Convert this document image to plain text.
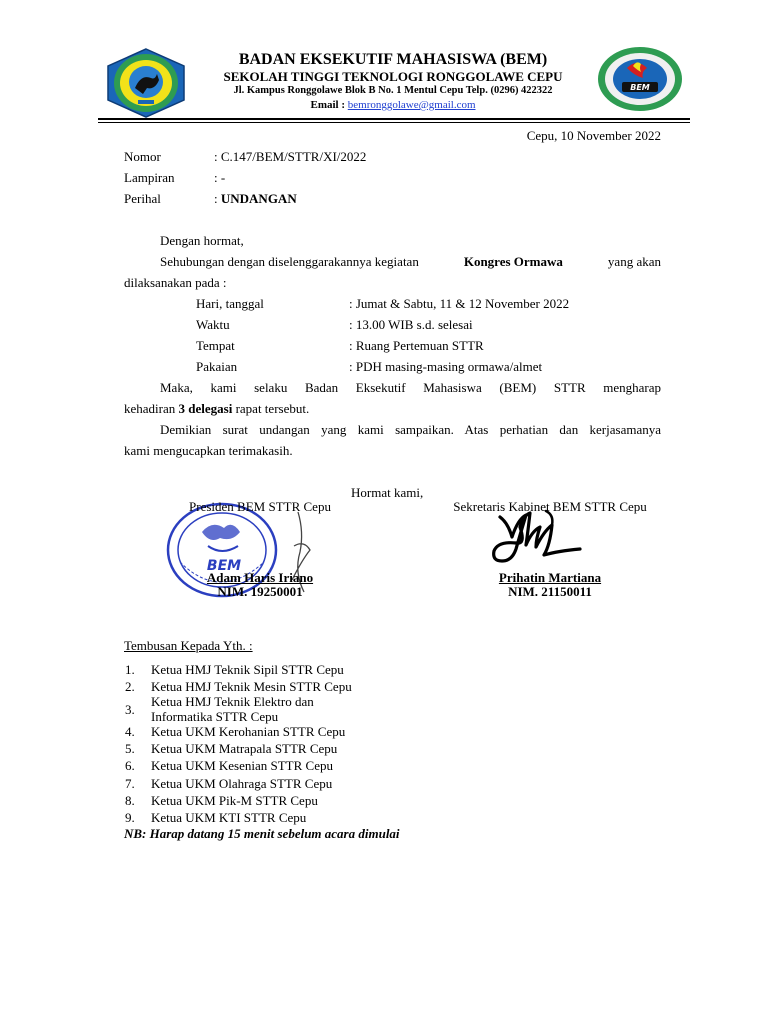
BEM
BADAN EKSEKUTIF MAHASISWA (BEM)
SEKOLAH TINGGI TEKNOLOGI RONGGOLAWE CEPU
Jl. Kampus Ronggolawe Blok B No. 1 Mentul Cepu Telp. (0296) 422322
Email : bemronggolawe@gmail.com
Cepu, 10 November 2022
Nomor	: C.147/BEM/STTR/XI/2022
Lampiran	: -
Perihal	: UNDANGAN
Dengan hormat,
Sehubungan dengan diselenggarakannya kegiatan	Kongres Ormawa	yang akan
dilaksanakan pada :
Hari, tanggal	: Jumat & Sabtu, 11 & 12 November 2022
Waktu	: 13.00 WIB s.d. selesai
Tempat	: Ruang Pertemuan STTR
Pakaian	: PDH masing-masing ormawa/almet
Maka, kami selaku Badan Eksekutif Mahasiswa (BEM) STTR mengharap
kehadiran 3 delegasi rapat tersebut.
Demikian surat undangan yang kami sampaikan. Atas perhatian dan kerjasamanya
kami mengucapkan terimakasih.
Hormat kami,
BEM
Presiden BEM STTR Cepu
Adam Haris Iriano
NIM. 19250001
Sekretaris Kabinet BEM STTR Cepu
Prihatin Martiana
NIM. 21150011
Tembusan Kepada Yth. :
1.	Ketua HMJ Teknik Sipil STTR Cepu
2.	Ketua HMJ Teknik Mesin STTR Cepu
3.
Ketua HMJ Teknik Elektro dan
Informatika STTR Cepu
4.	Ketua UKM Kerohanian STTR Cepu
5.	Ketua UKM Matrapala STTR Cepu
6.	Ketua UKM Kesenian STTR Cepu
7.	Ketua UKM Olahraga STTR Cepu
8.	Ketua UKM Pik-M STTR Cepu
9.	Ketua UKM KTI STTR Cepu
NB: Harap datang 15 menit sebelum acara dimulai
